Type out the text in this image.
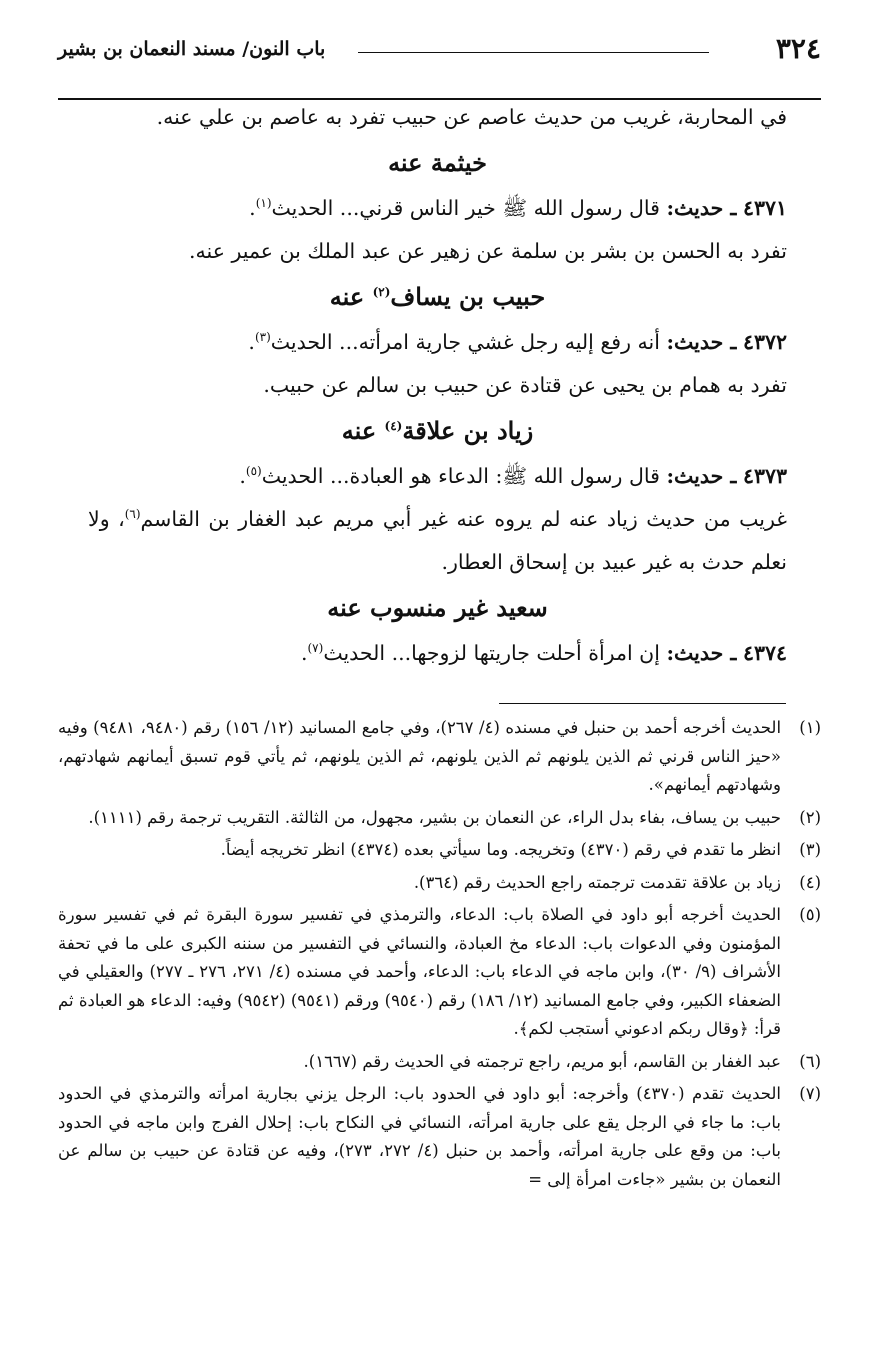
٣٢٤
باب النون/ مسند النعمان بن بشير
في المحاربة، غريب من حديث عاصم عن حبيب تفرد به عاصم بن علي عنه.
خيثمة عنه
٤٣٧١ ـ حديث: قال رسول الله ﷺ خير الناس قرني... الحديث$^{(١)}$.
تفرد به الحسن بن بشر بن سلمة عن زهير عن عبد الملك بن عمير عنه.
حبيب بن يساف$^{(٢)}$ عنه
٤٣٧٢ ـ حديث: أنه رفع إليه رجل غشي جارية امرأته... الحديث$^{(٣)}$.
تفرد به همام بن يحيى عن قتادة عن حبيب بن سالم عن حبيب.
زياد بن علاقة$^{(٤)}$ عنه
٤٣٧٣ ـ حديث: قال رسول الله ﷺ: الدعاء هو العبادة... الحديث$^{(٥)}$.
غريب من حديث زياد عنه لم يروه عنه غير أبي مريم عبد الغفار بن القاسم$^{(٦)}$، ولا نعلم حدث به غير عبيد بن إسحاق العطار.
سعيد غير منسوب عنه
٤٣٧٤ ـ حديث: إن امرأة أحلت جاريتها لزوجها... الحديث$^{(٧)}$.
(١)
الحديث أخرجه أحمد بن حنبل في مسنده (٤/ ٢٦٧)، وفي جامع المسانيد (١٢/ ١٥٦) رقم (٩٤٨٠، ٩٤٨١) وفيه «حيز الناس قرني ثم الذين يلونهم ثم الذين يلونهم، ثم الذين يلونهم، ثم يأتي قوم تسبق أيمانهم شهادتهم، وشهادتهم أيمانهم».
(٢)
حبيب بن يساف، بفاء بدل الراء، عن النعمان بن بشير، مجهول، من الثالثة. التقريب ترجمة رقم (١١١١).
(٣)
انظر ما تقدم في رقم (٤٣٧٠) وتخريجه. وما سيأتي بعده (٤٣٧٤) انظر تخريجه أيضاً.
(٤)
زياد بن علاقة تقدمت ترجمته راجع الحديث رقم (٣٦٤).
(٥)
الحديث أخرجه أبو داود في الصلاة باب: الدعاء، والترمذي في تفسير سورة البقرة ثم في تفسير سورة المؤمنون وفي الدعوات باب: الدعاء مخ العبادة، والنسائي في التفسير من سننه الكبرى على ما في تحفة الأشراف (٩/ ٣٠)، وابن ماجه في الدعاء باب: الدعاء، وأحمد في مسنده (٤/ ٢٧١، ٢٧٦ ـ ٢٧٧) والعقيلي في الضعفاء الكبير، وفي جامع المسانيد (١٢/ ١٨٦) رقم (٩٥٤٠) ورقم (٩٥٤١) (٩٥٤٢) وفيه: الدعاء هو العبادة ثم قرأ: ﴿وقال ربكم ادعوني أستجب لكم﴾.
(٦)
عبد الغفار بن القاسم، أبو مريم، راجع ترجمته في الحديث رقم (١٦٦٧).
(٧)
الحديث تقدم (٤٣٧٠) وأخرجه: أبو داود في الحدود باب: الرجل يزني بجارية امرأته والترمذي في الحدود باب: ما جاء في الرجل يقع على جارية امرأته، النسائي في النكاح باب: إحلال الفرج وابن ماجه في الحدود باب: من وقع على جارية امرأته، وأحمد بن حنبل (٤/ ٢٧٢، ٢٧٣)، وفيه عن قتادة عن حبيب بن سالم عن النعمان بن بشير «جاءت امرأة إلى =
